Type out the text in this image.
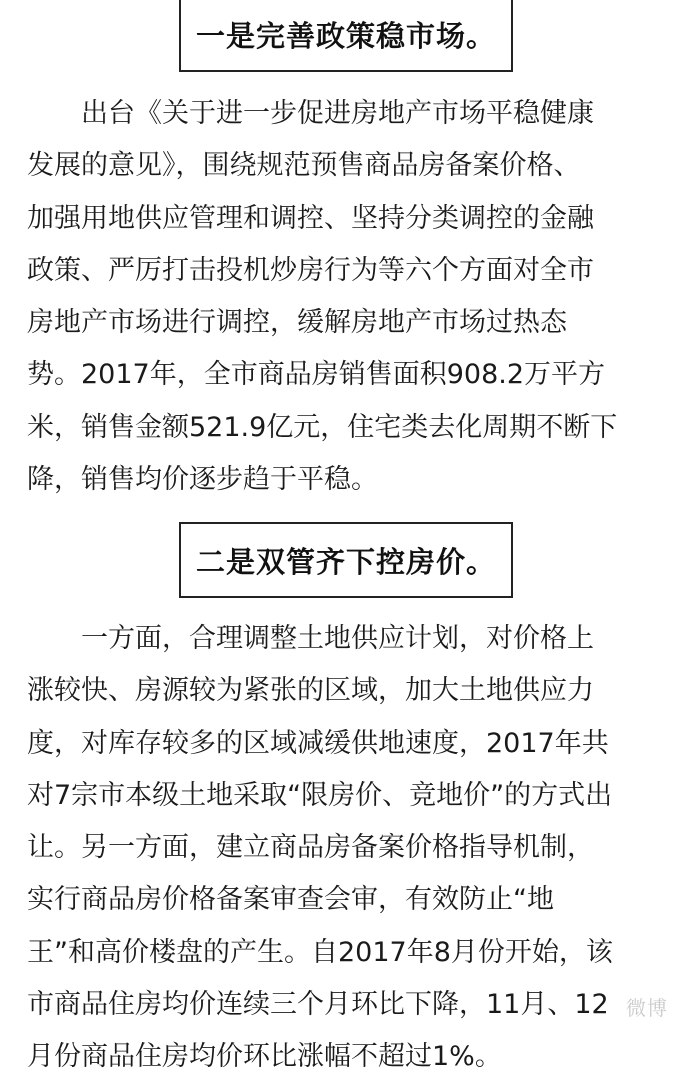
一是完善政策稳市场。
　　出台《关于进一步促进房地产市场平稳健康
发展的意见》，围绕规范预售商品房备案价格、
加强用地供应管理和调控、坚持分类调控的金融
政策、严厉打击投机炒房行为等六个方面对全市
房地产市场进行调控，缓解房地产市场过热态
势。2017年，全市商品房销售面积908.2万平方
米，销售金额521.9亿元，住宅类去化周期不断下
降，销售均价逐步趋于平稳。
二是双管齐下控房价。
　　一方面，合理调整土地供应计划，对价格上
涨较快、房源较为紧张的区域，加大土地供应力
度，对库存较多的区域减缓供地速度，2017年共
对7宗市本级土地采取“限房价、竞地价”的方式出
让。另一方面，建立商品房备案价格指导机制，
实行商品房价格备案审查会审，有效防止“地
王”和高价楼盘的产生。自2017年8月份开始，该
市商品住房均价连续三个月环比下降，11月、12
月份商品住房均价环比涨幅不超过1%。
微博
